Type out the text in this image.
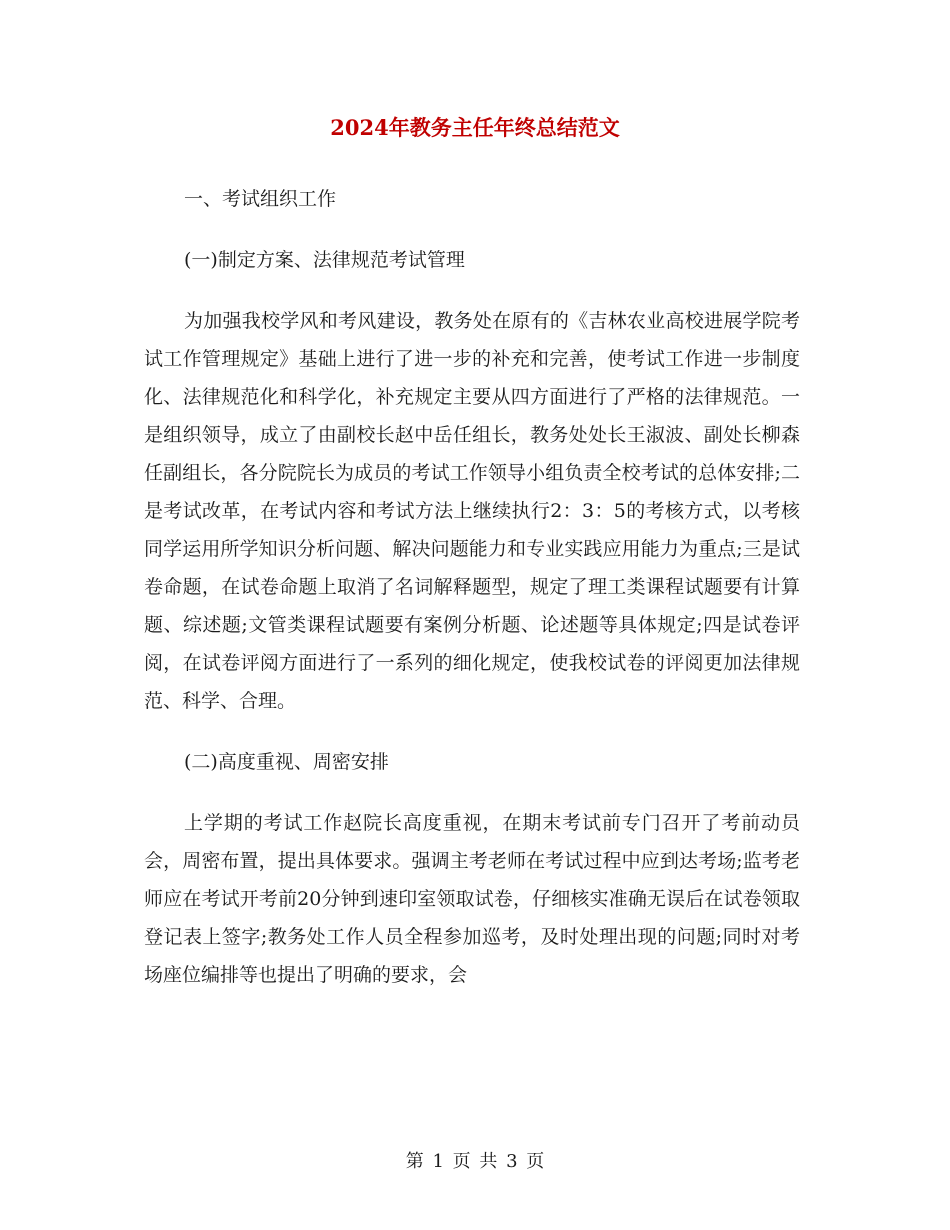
2024年教务主任年终总结范文

一、考试组织工作

(一)制定方案、法律规范考试管理

为加强我校学风和考风建设，教务处在原有的《吉林农业高校进展学院考试工作管理规定》基础上进行了进一步的补充和完善，使考试工作进一步制度化、法律规范化和科学化，补充规定主要从四方面进行了严格的法律规范。一是组织领导，成立了由副校长赵中岳任组长，教务处处长王淑波、副处长柳森任副组长，各分院院长为成员的考试工作领导小组负责全校考试的总体安排;二是考试改革，在考试内容和考试方法上继续执行2：3：5的考核方式，以考核同学运用所学知识分析问题、解决问题能力和专业实践应用能力为重点;三是试卷命题，在试卷命题上取消了名词解释题型，规定了理工类课程试题要有计算题、综述题;文管类课程试题要有案例分析题、论述题等具体规定;四是试卷评阅，在试卷评阅方面进行了一系列的细化规定，使我校试卷的评阅更加法律规范、科学、合理。

(二)高度重视、周密安排

上学期的考试工作赵院长高度重视，在期末考试前专门召开了考前动员会，周密布置，提出具体要求。强调主考老师在考试过程中应到达考场;监考老师应在考试开考前20分钟到速印室领取试卷，仔细核实准确无误后在试卷领取登记表上签字;教务处工作人员全程参加巡考，及时处理出现的问题;同时对考场座位编排等也提出了明确的要求，会

第 1 页 共 3 页
